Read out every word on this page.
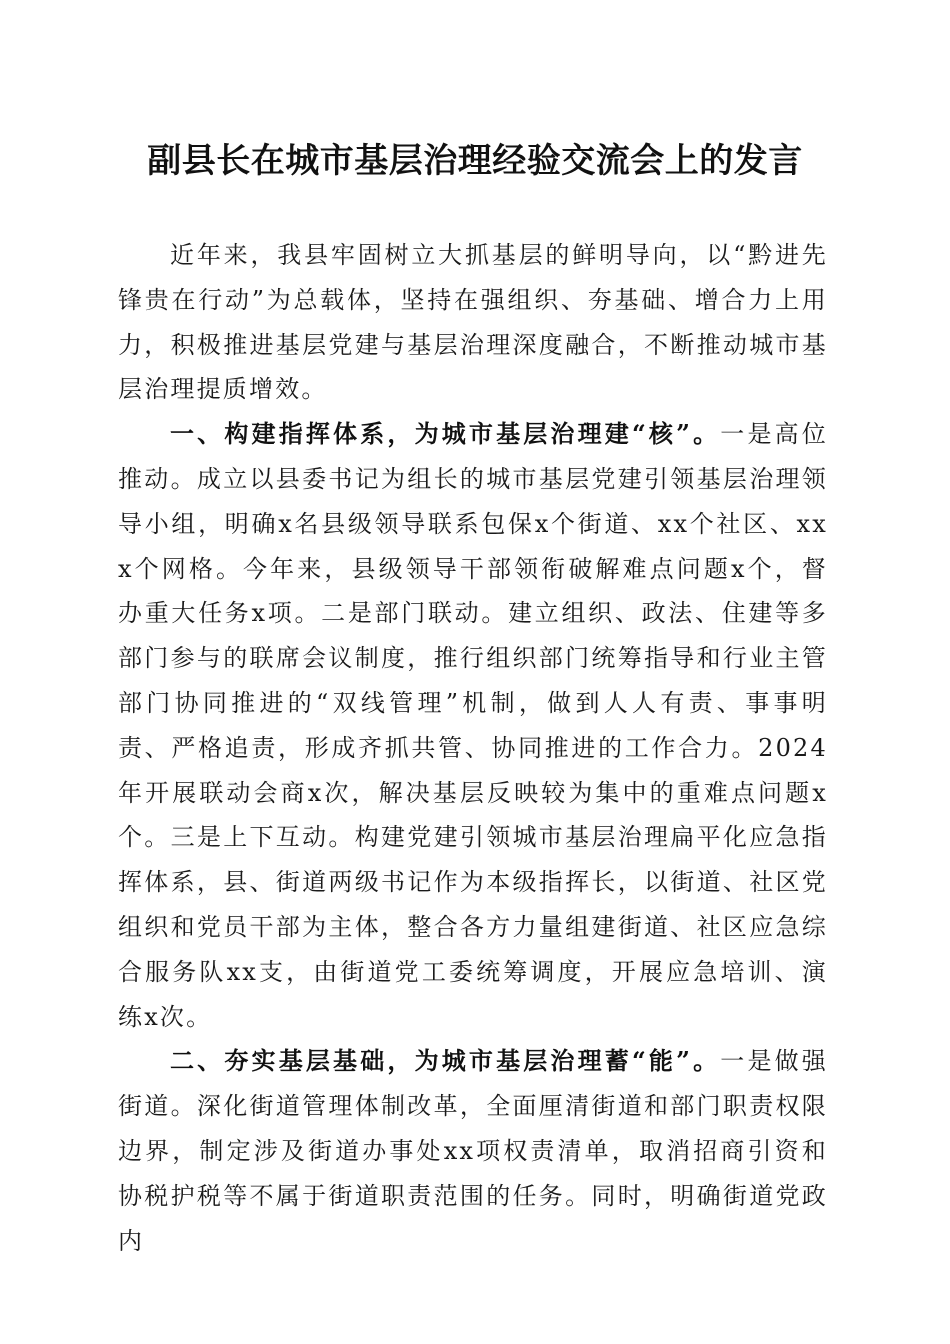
副县长在城市基层治理经验交流会上的发言

近年来，我县牢固树立大抓基层的鲜明导向，以“黔进先锋贵在行动”为总载体，坚持在强组织、夯基础、增合力上用力，积极推进基层党建与基层治理深度融合，不断推动城市基层治理提质增效。

一、构建指挥体系，为城市基层治理建“核”。一是高位推动。成立以县委书记为组长的城市基层党建引领基层治理领导小组，明确x名县级领导联系包保x个街道、xx个社区、xxx个网格。今年来，县级领导干部领衔破解难点问题x个，督办重大任务x项。二是部门联动。建立组织、政法、住建等多部门参与的联席会议制度，推行组织部门统筹指导和行业主管部门协同推进的“双线管理”机制，做到人人有责、事事明责、严格追责，形成齐抓共管、协同推进的工作合力。2024年开展联动会商x次，解决基层反映较为集中的重难点问题x个。三是上下互动。构建党建引领城市基层治理扁平化应急指挥体系，县、街道两级书记作为本级指挥长，以街道、社区党组织和党员干部为主体，整合各方力量组建街道、社区应急综合服务队xx支，由街道党工委统筹调度，开展应急培训、演练x次。

二、夯实基层基础，为城市基层治理蓄“能”。一是做强街道。深化街道管理体制改革，全面厘清街道和部门职责权限边界，制定涉及街道办事处xx项权责清单，取消招商引资和协税护税等不属于街道职责范围的任务。同时，明确街道党政内
